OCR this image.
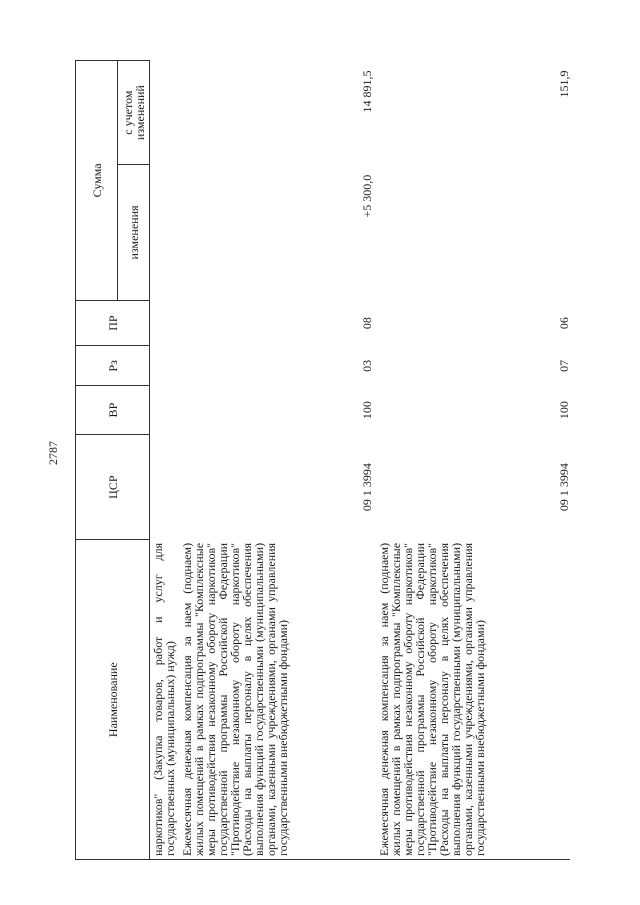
2787
Наименование	ЦСР	ВР	Рз	ПР	Сумма	
					изменения	с учетом изменений
наркотиков" (Закупка товаров, работ и услуг для государственных (муниципальных) нужд)						
Ежемесячная денежная компенсация за наем (поднаем) жилых помещений в рамках подпрограммы "Комплексные меры противодействия незаконному обороту наркотиков" государственной программы Российской Федерации "Противодействие незаконному обороту наркотиков" (Расходы на выплаты персоналу в целях обеспечения выполнения функций государственными (муниципальными) органами, казенными учреждениями, органами управления государственными внебюджетными фондами)	09 1 3994	100	03	08	+5 300,0	14 891,5
Ежемесячная денежная компенсация за наем (поднаем) жилых помещений в рамках подпрограммы "Комплексные меры противодействия незаконному обороту наркотиков" государственной программы Российской Федерации "Противодействие незаконному обороту наркотиков" (Расходы на выплаты персоналу в целях обеспечения выполнения функций государственными (муниципальными) органами, казенными учреждениями, органами управления государственными внебюджетными фондами)	09 1 3994	100	07	06		151,9
